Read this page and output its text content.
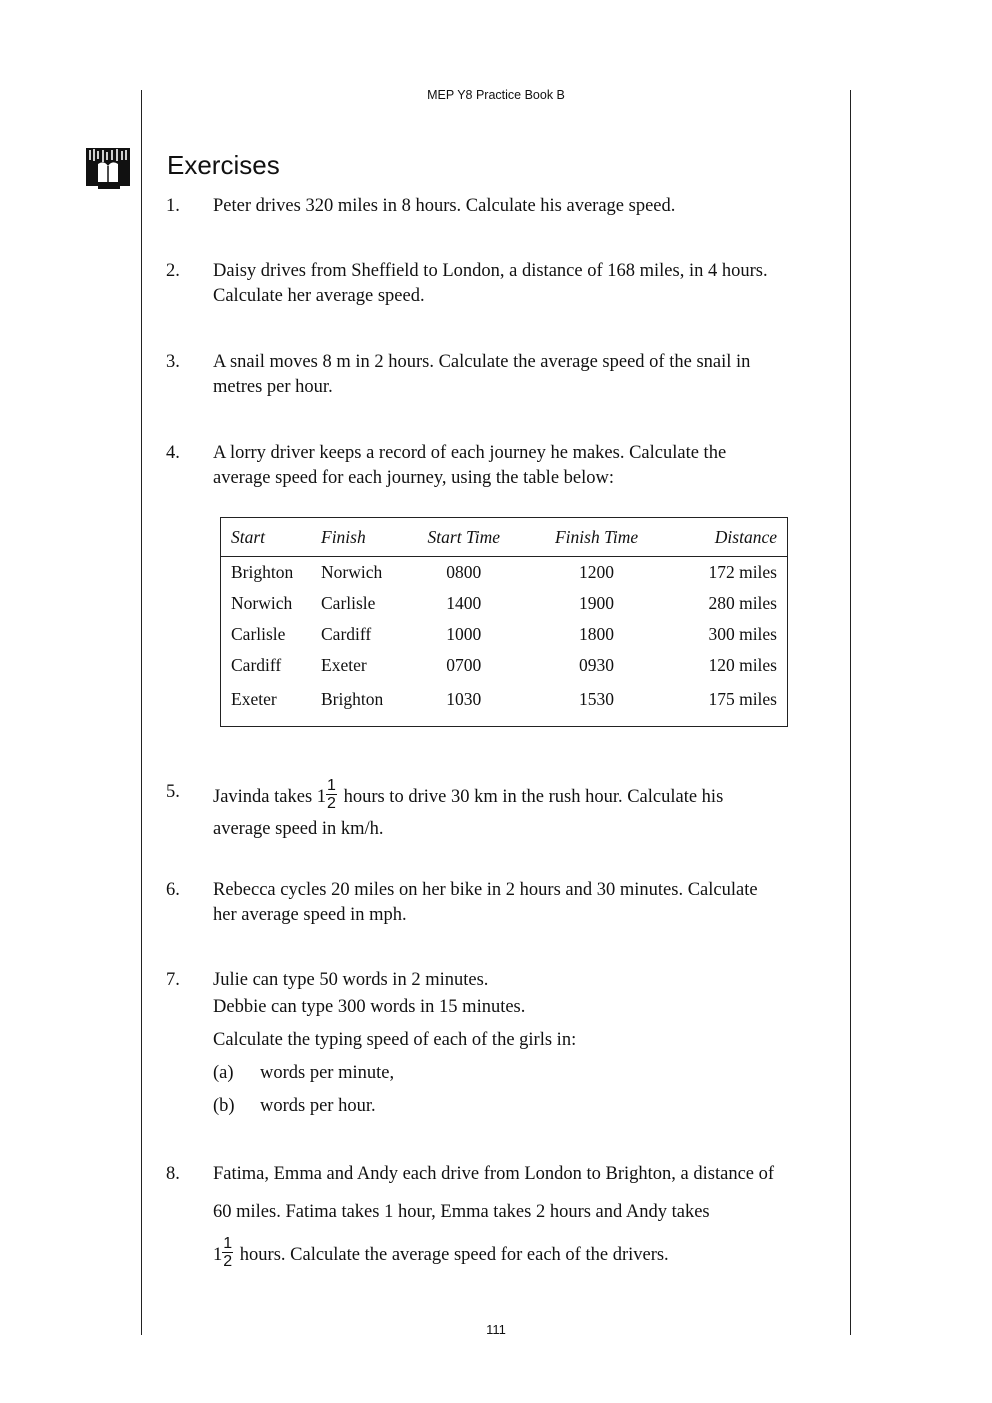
MEP Y8 Practice Book B
Exercises
1. Peter drives 320 miles in 8 hours. Calculate his average speed.
2. Daisy drives from Sheffield to London, a distance of 168 miles, in 4 hours.
Calculate her average speed.
3. A snail moves 8 m in 2 hours. Calculate the average speed of the snail in
metres per hour.
4. A lorry driver keeps a record of each journey he makes. Calculate the
average speed for each journey, using the table below:
Start	Finish	Start Time	Finish Time	Distance
Brighton	Norwich	0800	1200	172 miles
Norwich	Carlisle	1400	1900	280 miles
Carlisle	Cardiff	1000	1800	300 miles
Cardiff	Exeter	0700	0930	120 miles
Exeter	Brighton	1030	1530	175 miles
5. Javinda takes $1 \frac{1}{2}$ hours to drive 30 km in the rush hour. Calculate his
average speed in km/h.
6. Rebecca cycles 20 miles on her bike in 2 hours and 30 minutes. Calculate
her average speed in mph.
7. Julie can type 50 words in 2 minutes.
Debbie can type 300 words in 15 minutes.
Calculate the typing speed of each of the girls in:
(a) words per minute,
(b) words per hour.
8. Fatima, Emma and Andy each drive from London to Brighton, a distance of
60 miles. Fatima takes 1 hour, Emma takes 2 hours and Andy takes
$1 \frac{1}{2}$ hours. Calculate the average speed for each of the drivers.
111
